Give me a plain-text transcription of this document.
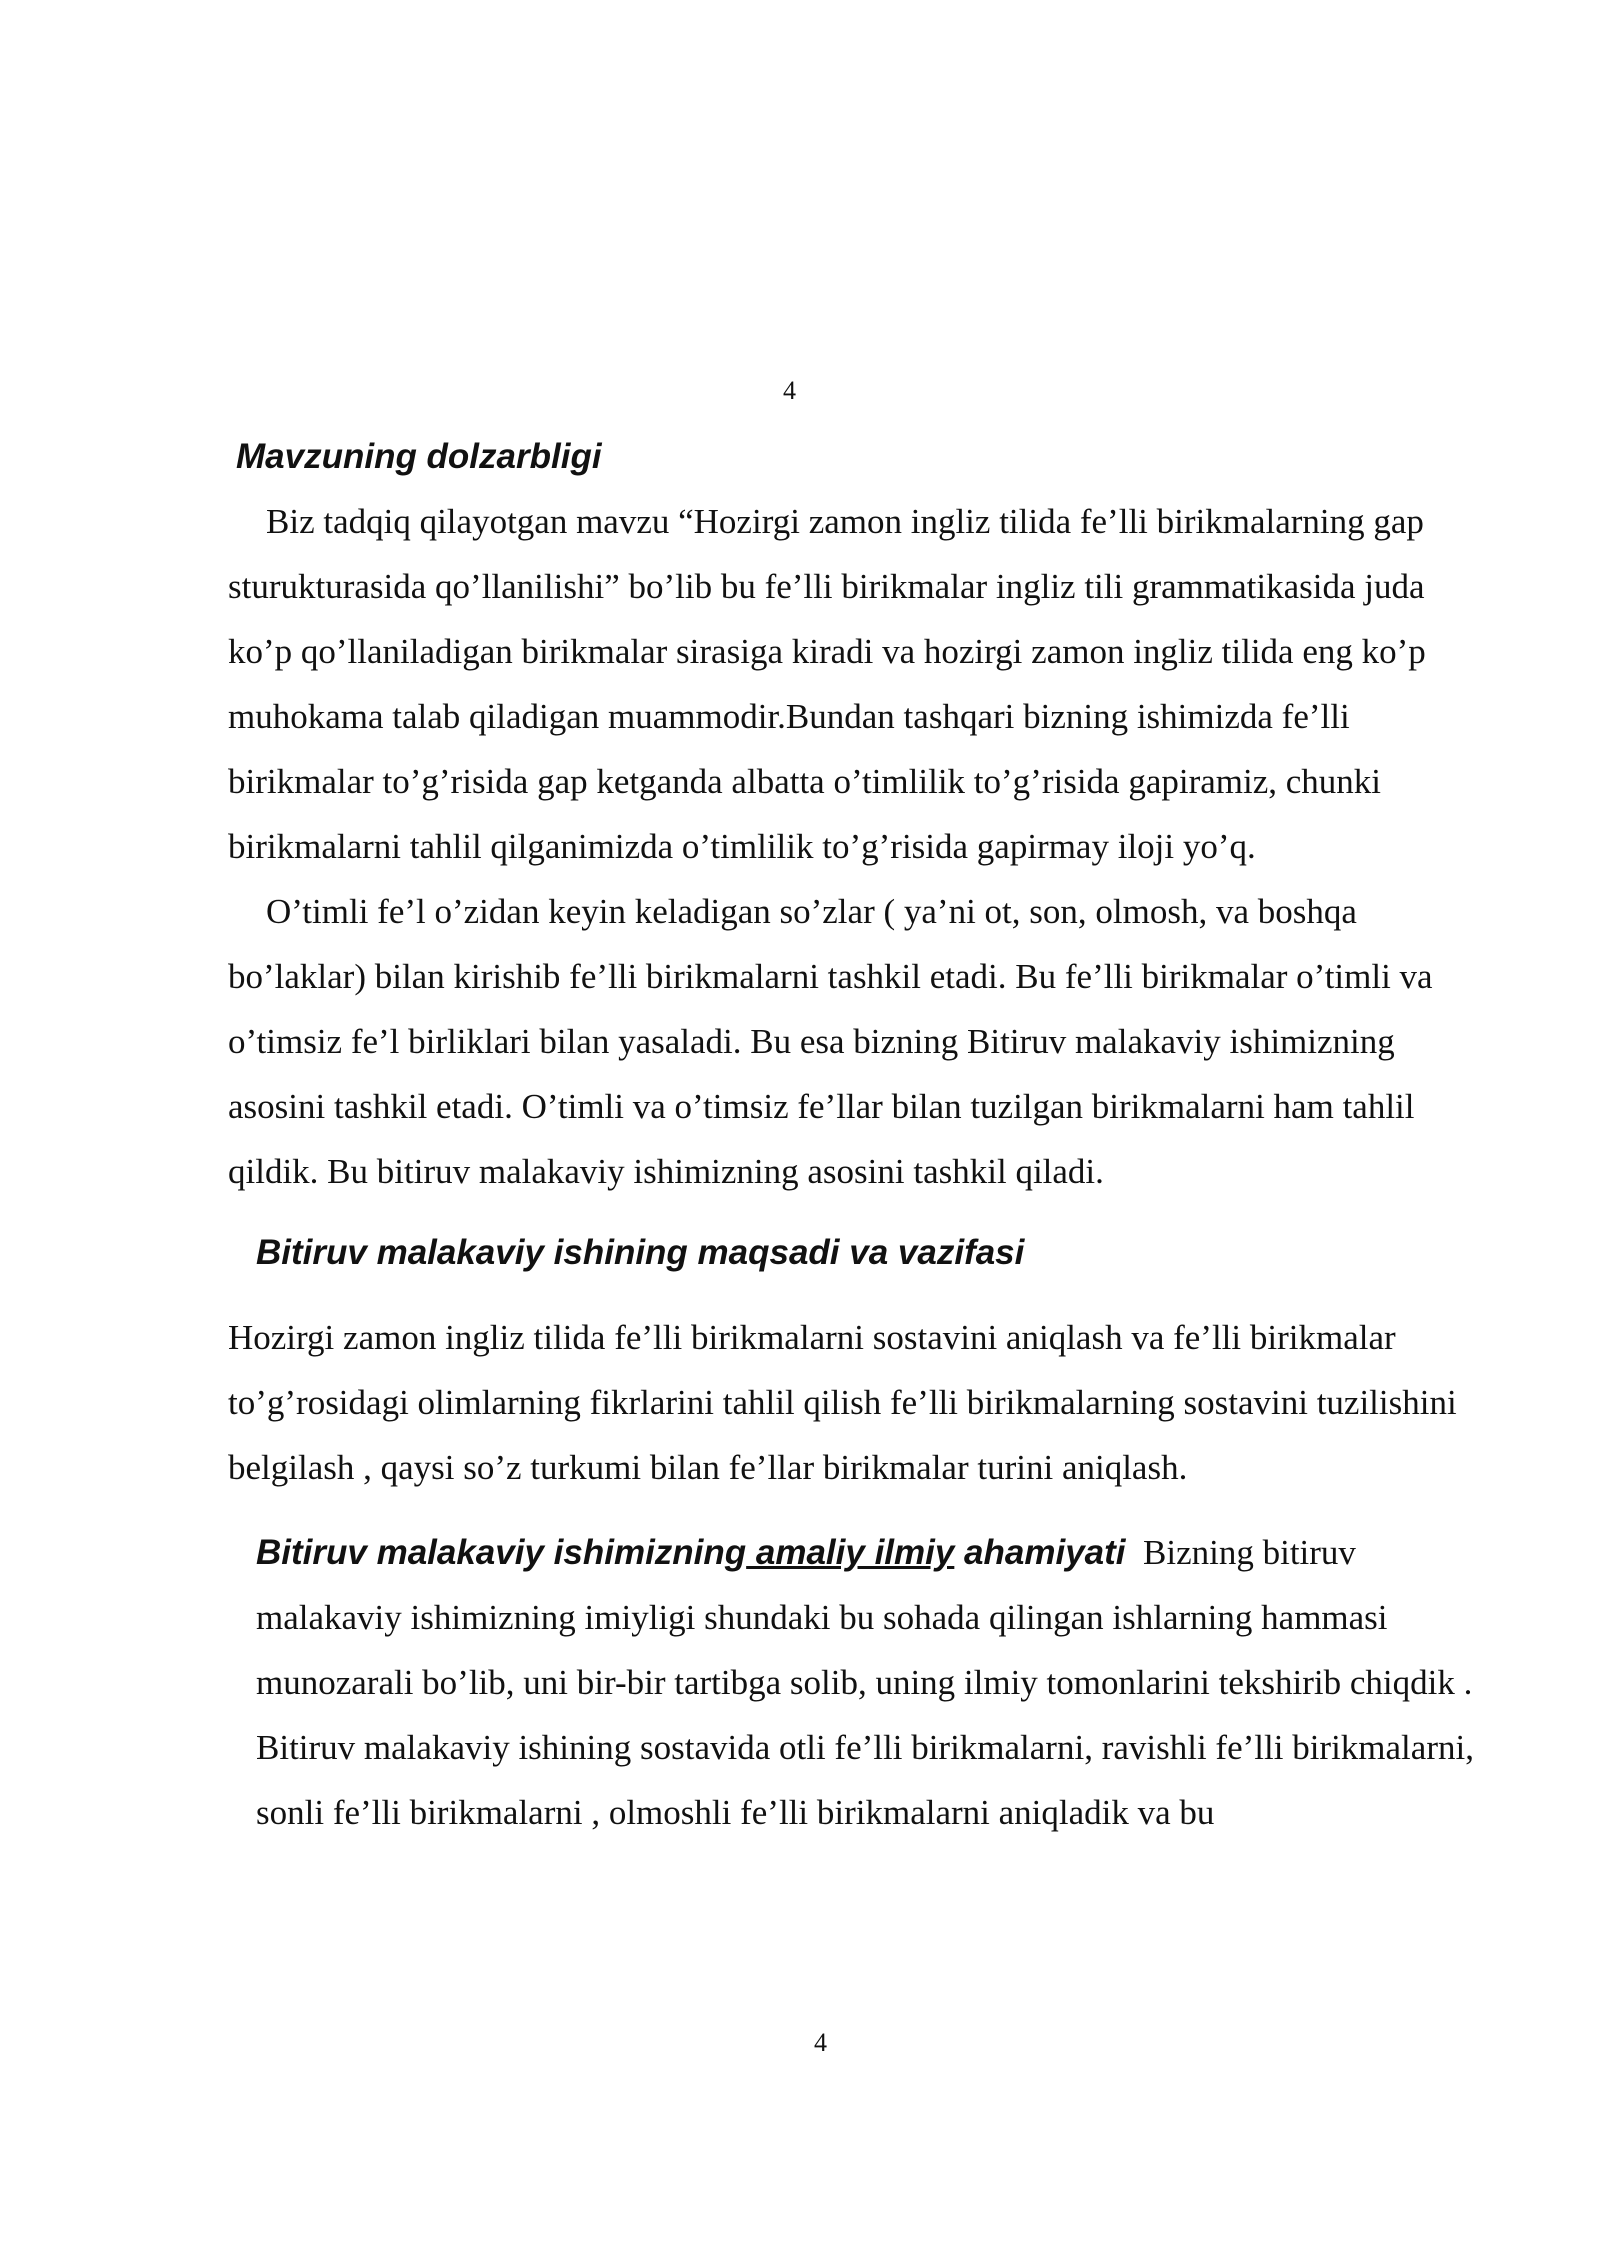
4
Mavzuning dolzarbligi

Biz tadqiq qilayotgan mavzu “Hozirgi zamon ingliz tilida fe’lli birikmalarning gap sturukturasida qo’llanilishi” bo’lib bu fe’lli birikmalar ingliz tili grammatikasida juda ko’p qo’llaniladigan birikmalar sirasiga kiradi va hozirgi zamon ingliz tilida eng ko’p muhokama talab qiladigan muammodir.Bundan tashqari bizning ishimizda fe’lli birikmalar to’g’risida gap ketganda albatta o’timlilik to’g’risida gapiramiz, chunki birikmalarni tahlil qilganimizda o’timlilik to’g’risida gapirmay iloji yo’q.

O’timli fe’l o’zidan keyin keladigan so’zlar ( ya’ni ot, son, olmosh, va boshqa bo’laklar) bilan kirishib fe’lli birikmalarni tashkil etadi. Bu fe’lli birikmalar o’timli va o’timsiz fe’l birliklari bilan yasaladi. Bu esa bizning Bitiruv malakaviy ishimizning asosini tashkil etadi. O’timli va o’timsiz fe’llar bilan tuzilgan birikmalarni ham tahlil qildik. Bu bitiruv malakaviy ishimizning asosini tashkil qiladi.

Bitiruv malakaviy ishining maqsadi va vazifasi

Hozirgi zamon ingliz tilida fe’lli birikmalarni sostavini aniqlash va fe’lli birikmalar to’g’rosidagi olimlarning fikrlarini tahlil qilish fe’lli birikmalarning sostavini tuzilishini belgilash , qaysi so’z turkumi bilan fe’llar birikmalar turini aniqlash.

Bitiruv malakaviy ishimizning amaliy ilmiy ahamiyati Bizning bitiruv malakaviy ishimizning imiyligi shundaki bu sohada qilingan ishlarning hammasi munozarali bo’lib, uni bir-bir tartibga solib, uning ilmiy tomonlarini tekshirib chiqdik . Bitiruv malakaviy ishining sostavida otli fe’lli birikmalarni, ravishli fe’lli birikmalarni, sonli fe’lli birikmalarni , olmoshli fe’lli birikmalarni aniqladik va bu

4
